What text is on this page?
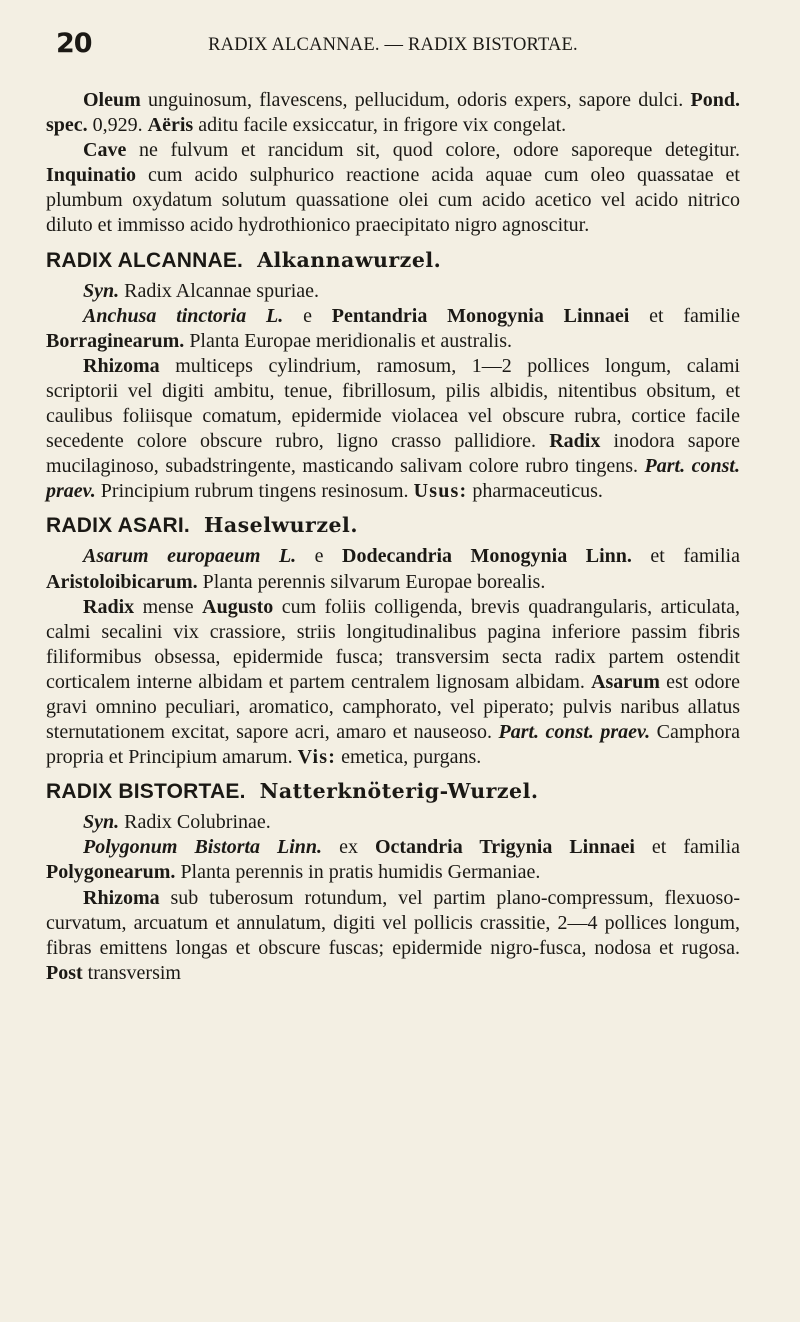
20	RADIX ALCANNAE. — RADIX BISTORTAE.

Oleum unguinosum, flavescens, pellucidum, odoris expers, sapore dulci. Pond. spec. 0,929. Aëris aditu facile exsiccatur, in frigore vix congelat.

Cave ne fulvum et rancidum sit, quod colore, odore saporeque detegitur. Inquinatio cum acido sulphurico reactione acida aquae cum oleo quassatae et plumbum oxydatum solutum quassatione olei cum acido acetico vel acido nitrico diluto et immisso acido hydrothionico praecipitato nigro agnoscitur.

RADIX ALCANNAE. Alkannawurzel.

Syn. Radix Alcannae spuriae.

Anchusa tinctoria L. e Pentandria Monogynia Linnaei et familie Borraginearum. Planta Europae meridionalis et australis.

Rhizoma multiceps cylindrium, ramosum, 1—2 pollices longum, calami scriptorii vel digiti ambitu, tenue, fibrillosum, pilis albidis, nitentibus obsitum, et caulibus foliisque comatum, epidermide violacea vel obscure rubra, cortice facile secedente colore obscure rubro, ligno crasso pallidiore. Radix inodora sapore mucilaginoso, subadstringente, masticando salivam colore rubro tingens. Part. const. praev. Principium rubrum tingens resinosum. Usus: pharmaceuticus.

RADIX ASARI. Haselwurzel.

Asarum europaeum L. e Dodecandria Monogynia Linn. et familia Aristoloibicarum. Planta perennis silvarum Europae borealis.

Radix mense Augusto cum foliis colligenda, brevis quadrangularis, articulata, calmi secalini vix crassiore, striis longitudinalibus pagina inferiore passim fibris filiformibus obsessa, epidermide fusca; transversim secta radix partem ostendit corticalem interne albidam et partem centralem lignosam albidam. Asarum est odore gravi omnino peculiari, aromatico, camphorato, vel piperato; pulvis naribus allatus sternutationem excitat, sapore acri, amaro et nauseoso. Part. const. praev. Camphora propria et Principium amarum. Vis: emetica, purgans.

RADIX BISTORTAE. Natterknöterig-Wurzel.

Syn. Radix Colubrinae.

Polygonum Bistorta Linn. ex Octandria Trigynia Linnaei et familia Polygonearum. Planta perennis in pratis humidis Germaniae.

Rhizoma sub tuberosum rotundum, vel partim plano-compressum, flexuoso-curvatum, arcuatum et annulatum, digiti vel pollicis crassitie, 2—4 pollices longum, fibras emittens longas et obscure fuscas; epidermide nigro-fusca, nodosa et rugosa. Post transversim
